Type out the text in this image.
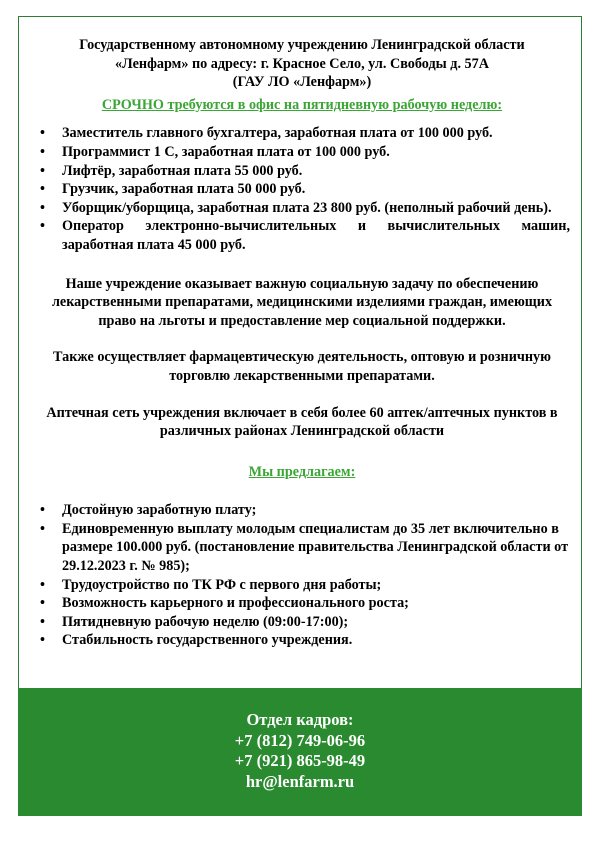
Государственному автономному учреждению Ленинградской области
«Ленфарм» по адресу: г. Красное Село, ул. Свободы д. 57А
(ГАУ ЛО «Ленфарм»)
СРОЧНО требуются в офис на пятидневную рабочую неделю:
• Заместитель главного бухгалтера, заработная плата от 100 000 руб.
• Программист 1 С, заработная плата от 100 000 руб.
• Лифтёр, заработная плата 55 000 руб.
• Грузчик, заработная плата 50 000 руб.
• Уборщик/уборщица, заработная плата 23 800 руб. (неполный рабочий день).
• Оператор электронно-вычислительных и вычислительных машин, заработная плата 45 000 руб.
Наше учреждение оказывает важную социальную задачу по обеспечению лекарственными препаратами, медицинскими изделиями граждан, имеющих право на льготы и предоставление мер социальной поддержки.
Также осуществляет фармацевтическую деятельность, оптовую и розничную торговлю лекарственными препаратами.
Аптечная сеть учреждения включает в себя более 60 аптек/аптечных пунктов в различных районах Ленинградской области
Мы предлагаем:
• Достойную заработную плату;
• Единовременную выплату молодым специалистам до 35 лет включительно в размере 100.000 руб. (постановление правительства Ленинградской области от 29.12.2023 г. № 985);
• Трудоустройство по ТК РФ с первого дня работы;
• Возможность карьерного и профессионального роста;
• Пятидневную рабочую неделю (09:00-17:00);
• Стабильность государственного учреждения.
Отдел кадров:
+7 (812) 749-06-96
+7 (921) 865-98-49
hr@lenfarm.ru
